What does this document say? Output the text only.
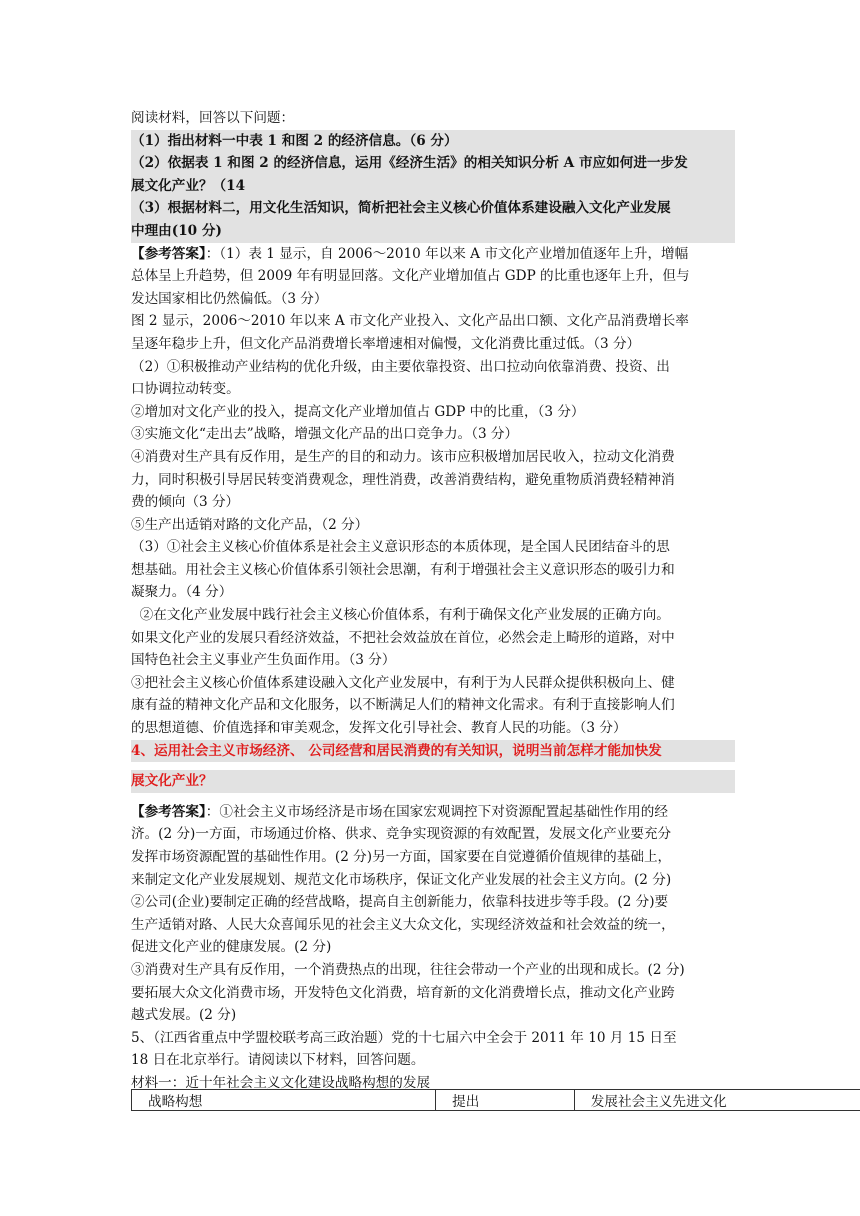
阅读材料，回答以下问题：
（1）指出材料一中表 1 和图 2 的经济信息。（6 分）
（2）依据表 1 和图 2 的经济信息，运用《经济生活》的相关知识分析 A 市应如何进一步发
展文化产业？（14
（3）根据材料二，用文化生活知识，简析把社会主义核心价值体系建设融入文化产业发展
中理由(10 分)
【参考答案】：（1）表 1 显示，自 2006～2010 年以来 A 市文化产业增加值逐年上升，增幅
总体呈上升趋势，但 2009 年有明显回落。文化产业增加值占 GDP 的比重也逐年上升，但与
发达国家相比仍然偏低。（3 分）
图 2 显示，2006～2010 年以来 A 市文化产业投入、文化产品出口额、文化产品消费增长率
呈逐年稳步上升，但文化产品消费增长率增速相对偏慢，文化消费比重过低。（3 分）
（2）①积极推动产业结构的优化升级，由主要依靠投资、出口拉动向依靠消费、投资、出
口协调拉动转变。
②增加对文化产业的投入，提高文化产业增加值占 GDP 中的比重，（3 分）
③实施文化“走出去”战略，增强文化产品的出口竞争力。（3 分）
④消费对生产具有反作用，是生产的目的和动力。该市应积极增加居民收入，拉动文化消费
力，同时积极引导居民转变消费观念，理性消费，改善消费结构，避免重物质消费轻精神消
费的倾向（3 分）
⑤生产出适销对路的文化产品，（2 分）
（3）①社会主义核心价值体系是社会主义意识形态的本质体现，是全国人民团结奋斗的思
想基础。用社会主义核心价值体系引领社会思潮，有利于增强社会主义意识形态的吸引力和
凝聚力。（4 分）
②在文化产业发展中践行社会主义核心价值体系，有利于确保文化产业发展的正确方向。
如果文化产业的发展只看经济效益，不把社会效益放在首位，必然会走上畸形的道路，对中
国特色社会主义事业产生负面作用。（3 分）
③把社会主义核心价值体系建设融入文化产业发展中，有利于为人民群众提供积极向上、健
康有益的精神文化产品和文化服务，以不断满足人们的精神文化需求。有利于直接影响人们
的思想道德、价值选择和审美观念，发挥文化引导社会、教育人民的功能。（3 分）
4、运用社会主义市场经济、 公司经营和居民消费的有关知识，说明当前怎样才能加快发
展文化产业？
【参考答案】：①社会主义市场经济是市场在国家宏观调控下对资源配置起基础性作用的经
济。(2 分)一方面，市场通过价格、供求、竞争实现资源的有效配置，发展文化产业要充分
发挥市场资源配置的基础性作用。(2 分)另一方面，国家要在自觉遵循价值规律的基础上，
来制定文化产业发展规划、规范文化市场秩序，保证文化产业发展的社会主义方向。(2 分)
②公司(企业)要制定正确的经营战略，提高自主创新能力，依靠科技进步等手段。(2 分)要
生产适销对路、人民大众喜闻乐见的社会主义大众文化，实现经济效益和社会效益的统一，
促进文化产业的健康发展。(2 分)
③消费对生产具有反作用，一个消费热点的出现，往往会带动一个产业的出现和成长。(2 分)
要拓展大众文化消费市场，开发特色文化消费，培育新的文化消费增长点，推动文化产业跨
越式发展。(2 分)
5、（江西省重点中学盟校联考高三政治题）党的十七届六中全会于 2011 年 10 月 15 日至
18 日在北京举行。请阅读以下材料，回答问题。
材料一：近十年社会主义文化建设战略构想的发展
战略构想	提出	发展社会主义先进文化
